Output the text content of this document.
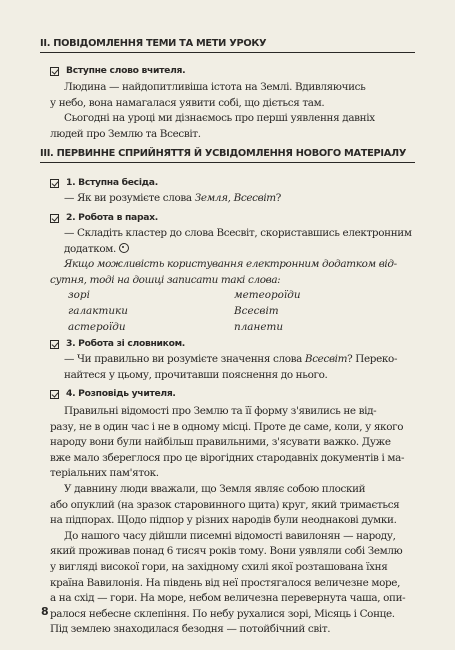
ІІ. ПОВІДОМЛЕННЯ ТЕМИ ТА МЕТИ УРОКУ
Вступне слово вчителя.
Людина — найдопитливіша істота на Землі. Вдивляючись
у небо, вона намагалася уявити собі, що діється там.
Сьогодні на уроці ми дізнаємось про перші уявлення давніх
людей про Землю та Всесвіт.
ІІІ. ПЕРВИННЕ СПРИЙНЯТТЯ Й УСВІДОМЛЕННЯ НОВОГО МАТЕРІАЛУ
1. Вступна бесіда.
— Як ви розумієте слова Земля, Всесвіт?
2. Робота в парах.
— Складіть кластер до слова Всесвіт, скориставшись електронним
додатком.
Якщо можливість користування електронним додатком від-
сутня, тоді на дошці записати такі слова:
зорі	метеороїди
галактики	Всесвіт
астероїди	планети
3. Робота зі словником.
— Чи правильно ви розумієте значення слова Всесвіт? Переко-
найтеся у цьому, прочитавши пояснення до нього.
4. Розповідь учителя.
Правильні відомості про Землю та її форму з'явились не від-
разу, не в один час і не в одному місці. Проте де саме, коли, у якого
народу вони були найбільш правильними, з'ясувати важко. Дуже
вже мало збереглося про це вірогідних стародавніх документів і ма-
теріальних пам'яток.
У давнину люди вважали, що Земля являє собою плоский
або опуклий (на зразок старовинного щита) круг, який тримається
на підпорах. Щодо підпор у різних народів були неоднакові думки.
До нашого часу дійшли писемні відомості вавилонян — народу,
який проживав понад 6 тисяч років тому. Вони уявляли собі Землю
у вигляді високої гори, на західному схилі якої розташована їхня
країна Вавилонія. На південь від неї простягалося величезне море,
а на схід — гори. На море, небом величезна перевернута чаша, опи-
ралося небесне склепіння. По небу рухалися зорі, Місяць і Сонце.
Під землею знаходилася безодня — потойбічний світ.
8
